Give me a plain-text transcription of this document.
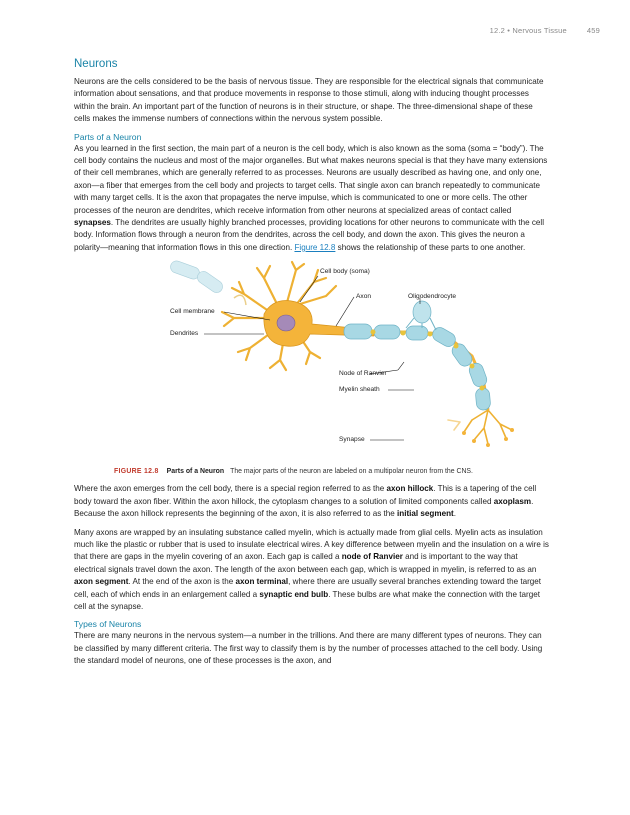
12.2 • Nervous Tissue	459
Neurons

Neurons are the cells considered to be the basis of nervous tissue. They are responsible for the electrical signals that communicate information about sensations, and that produce movements in response to those stimuli, along with inducing thought processes within the brain. An important part of the function of neurons is in their structure, or shape. The three-dimensional shape of these cells makes the immense numbers of connections within the nervous system possible.

Parts of a Neuron

As you learned in the first section, the main part of a neuron is the cell body, which is also known as the soma (soma = “body”). The cell body contains the nucleus and most of the major organelles. But what makes neurons special is that they have many extensions of their cell membranes, which are generally referred to as processes. Neurons are usually described as having one, and only one, axon—a fiber that emerges from the cell body and projects to target cells. That single axon can branch repeatedly to communicate with many target cells. It is the axon that propagates the nerve impulse, which is communicated to one or more cells. The other processes of the neuron are dendrites, which receive information from other neurons at specialized areas of contact called synapses. The dendrites are usually highly branched processes, providing locations for other neurons to communicate with the cell body. Information flows through a neuron from the dendrites, across the cell body, and down the axon. This gives the neuron a polarity—meaning that information flows in this one direction. Figure 12.8 shows the relationship of these parts to one another.

Cell body (soma)
Axon	Oligodendrocyte
Cell membrane
Dendrites
Node of Ranvier
Myelin sheath
Synapse
FIGURE 12.8 Parts of a Neuron The major parts of the neuron are labeled on a multipolar neuron from the CNS.

Where the axon emerges from the cell body, there is a special region referred to as the axon hillock. This is a tapering of the cell body toward the axon fiber. Within the axon hillock, the cytoplasm changes to a solution of limited components called axoplasm. Because the axon hillock represents the beginning of the axon, it is also referred to as the initial segment.

Many axons are wrapped by an insulating substance called myelin, which is actually made from glial cells. Myelin acts as insulation much like the plastic or rubber that is used to insulate electrical wires. A key difference between myelin and the insulation on a wire is that there are gaps in the myelin covering of an axon. Each gap is called a node of Ranvier and is important to the way that electrical signals travel down the axon. The length of the axon between each gap, which is wrapped in myelin, is referred to as an axon segment. At the end of the axon is the axon terminal, where there are usually several branches extending toward the target cell, each of which ends in an enlargement called a synaptic end bulb. These bulbs are what make the connection with the target cell at the synapse.

Types of Neurons

There are many neurons in the nervous system—a number in the trillions. And there are many different types of neurons. They can be classified by many different criteria. The first way to classify them is by the number of processes attached to the cell body. Using the standard model of neurons, one of these processes is the axon, and
